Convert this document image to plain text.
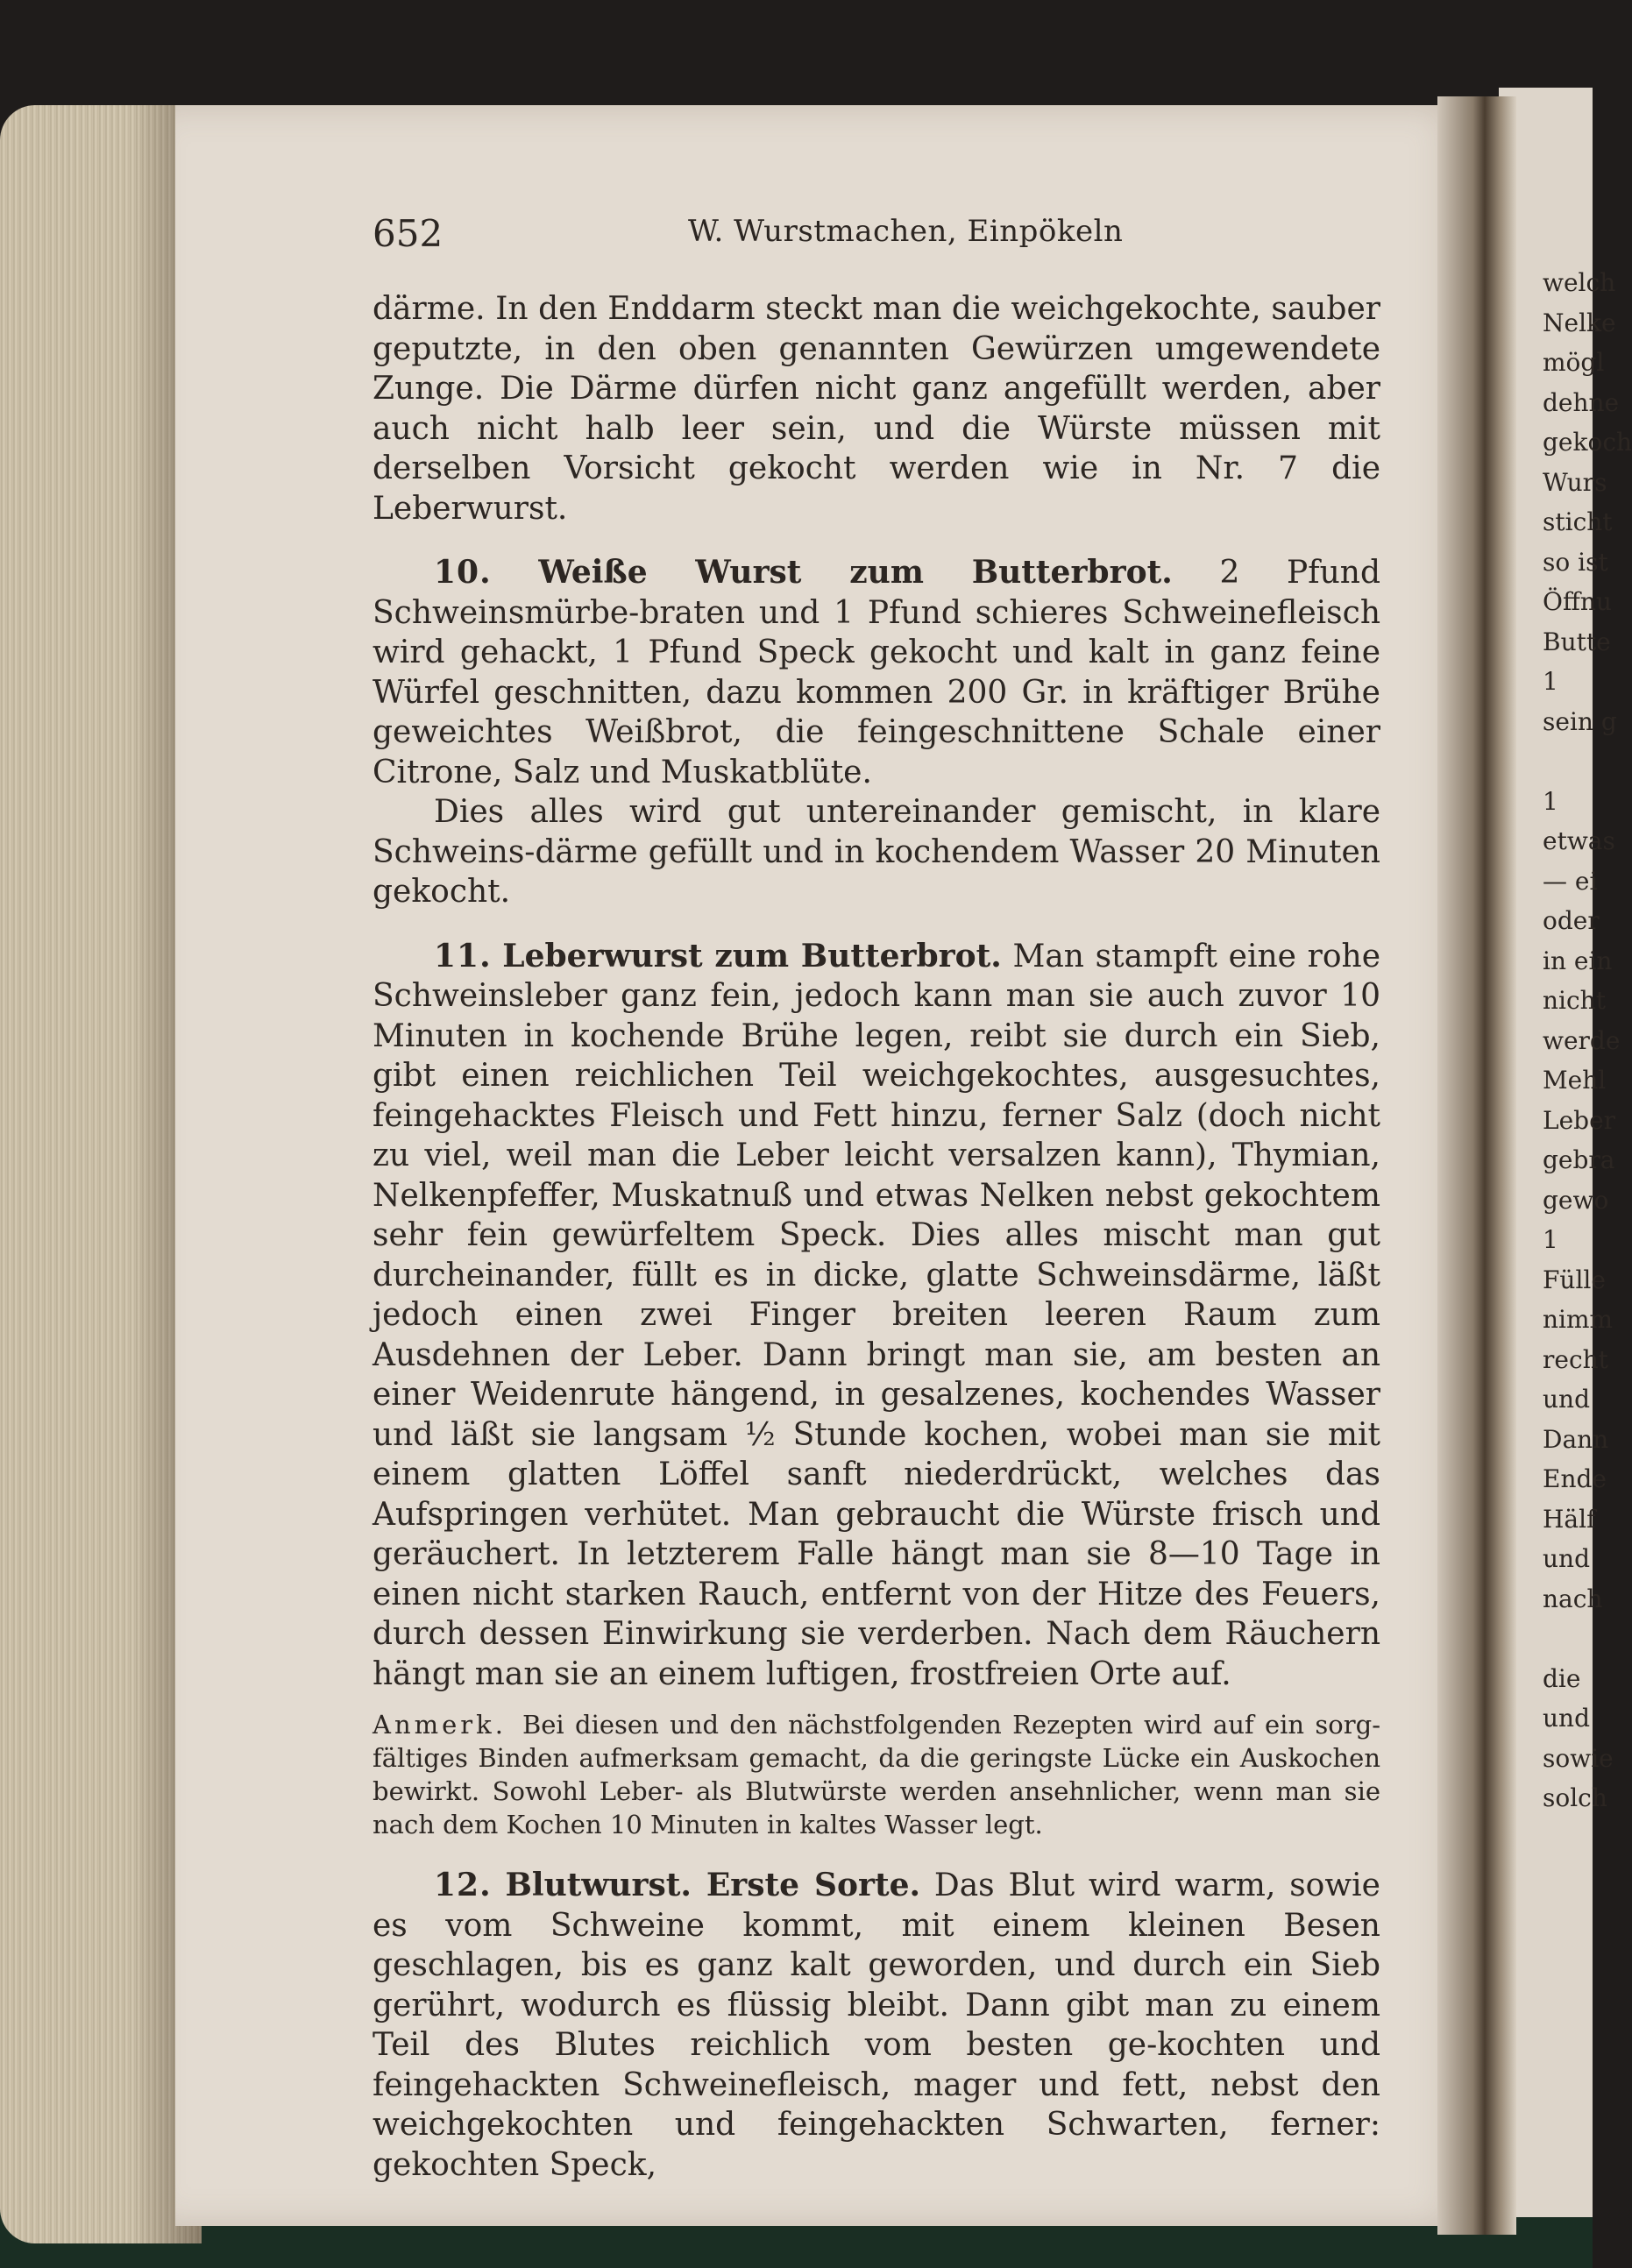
welch
Nelke
mögl
dehne
gekoch
Wurs
sticht
so ist
Öffnu
Butte
1
sein g

1
etwas
— ei
oder
in ein
nicht
werde
Mehl
Leber
gebra
gewo
1
Fülle
nimm
recht
und
Dann
Ende
Hälf
und
nach

die
und
sowie
solch
652	W. Wurstmachen, Einpökeln

därme. In den Enddarm steckt man die weichgekochte, sauber geputzte, in den oben genannten Gewürzen umgewendete Zunge. Die Därme dürfen nicht ganz angefüllt werden, aber auch nicht halb leer sein, und die Würste müssen mit derselben Vorsicht gekocht werden wie in Nr. 7 die Leberwurst.

10. Weiße Wurst zum Butterbrot. 2 Pfund Schweinsmürbe-braten und 1 Pfund schieres Schweinefleisch wird gehackt, 1 Pfund Speck gekocht und kalt in ganz feine Würfel geschnitten, dazu kommen 200 Gr. in kräftiger Brühe geweichtes Weißbrot, die feingeschnittene Schale einer Citrone, Salz und Muskatblüte.

Dies alles wird gut untereinander gemischt, in klare Schweins-därme gefüllt und in kochendem Wasser 20 Minuten gekocht.

11. Leberwurst zum Butterbrot. Man stampft eine rohe Schweinsleber ganz fein, jedoch kann man sie auch zuvor 10 Minuten in kochende Brühe legen, reibt sie durch ein Sieb, gibt einen reichlichen Teil weichgekochtes, ausgesuchtes, feingehacktes Fleisch und Fett hinzu, ferner Salz (doch nicht zu viel, weil man die Leber leicht versalzen kann), Thymian, Nelkenpfeffer, Muskatnuß und etwas Nelken nebst gekochtem sehr fein gewürfeltem Speck. Dies alles mischt man gut durcheinander, füllt es in dicke, glatte Schweinsdärme, läßt jedoch einen zwei Finger breiten leeren Raum zum Ausdehnen der Leber. Dann bringt man sie, am besten an einer Weidenrute hängend, in gesalzenes, kochendes Wasser und läßt sie langsam ½ Stunde kochen, wobei man sie mit einem glatten Löffel sanft niederdrückt, welches das Aufspringen verhütet. Man gebraucht die Würste frisch und geräuchert. In letzterem Falle hängt man sie 8—10 Tage in einen nicht starken Rauch, entfernt von der Hitze des Feuers, durch dessen Einwirkung sie verderben. Nach dem Räuchern hängt man sie an einem luftigen, frostfreien Orte auf.

Anmerk. Bei diesen und den nächstfolgenden Rezepten wird auf ein sorg-fältiges Binden aufmerksam gemacht, da die geringste Lücke ein Auskochen bewirkt. Sowohl Leber- als Blutwürste werden ansehnlicher, wenn man sie nach dem Kochen 10 Minuten in kaltes Wasser legt.

12. Blutwurst. Erste Sorte. Das Blut wird warm, sowie es vom Schweine kommt, mit einem kleinen Besen geschlagen, bis es ganz kalt geworden, und durch ein Sieb gerührt, wodurch es flüssig bleibt. Dann gibt man zu einem Teil des Blutes reichlich vom besten ge-kochten und feingehackten Schweinefleisch, mager und fett, nebst den weichgekochten und feingehackten Schwarten, ferner: gekochten Speck,
